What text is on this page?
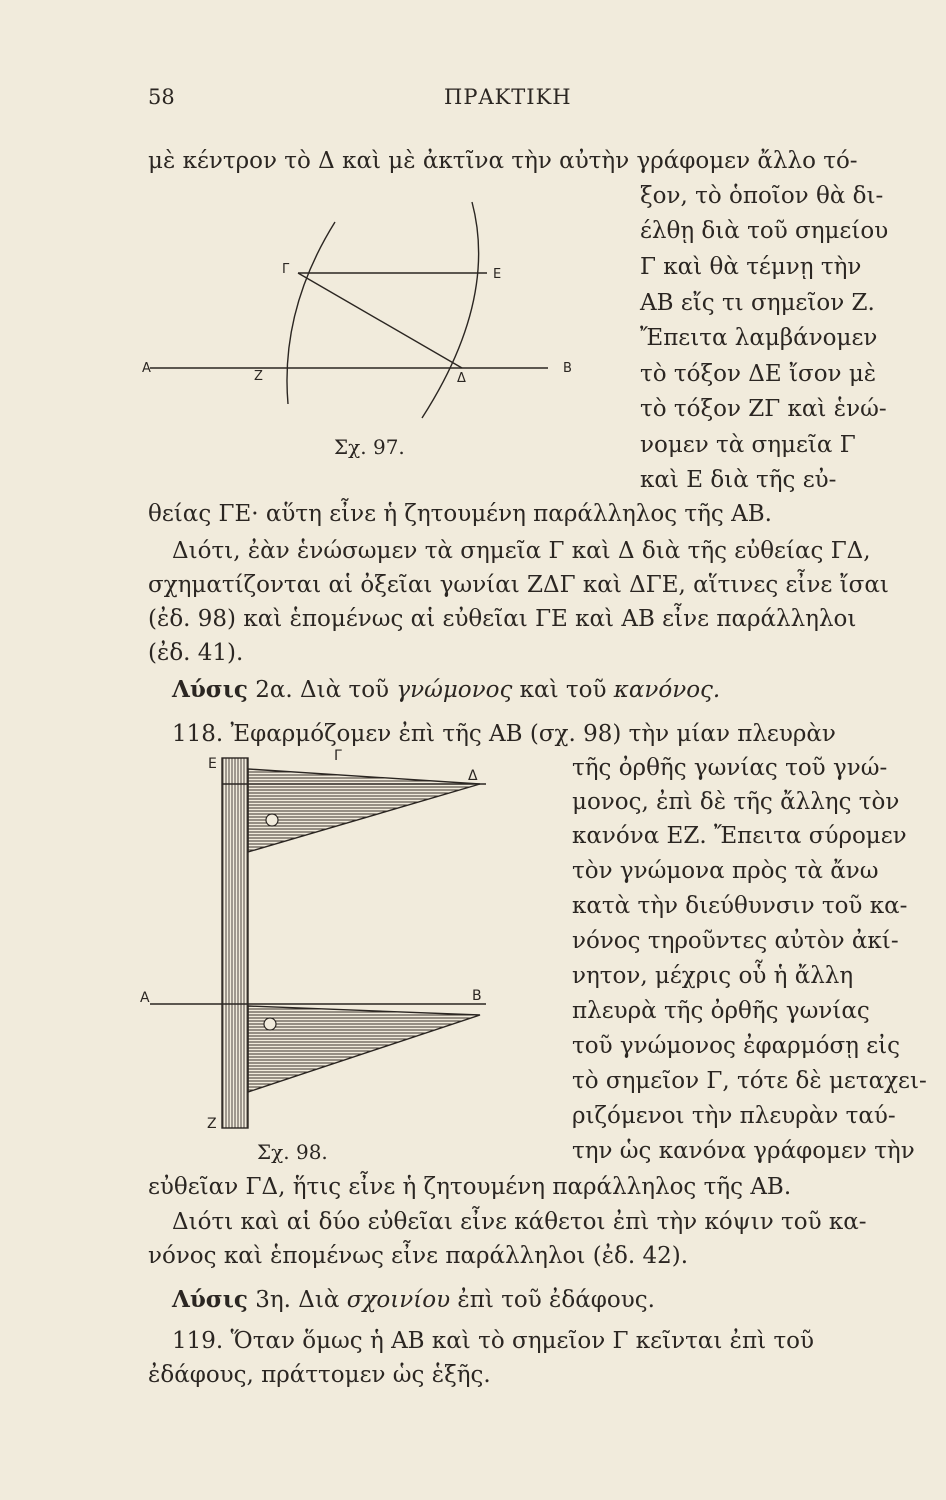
58	ΠΡΑΚΤΙΚΗ
μὲ κέντρον τὸ Δ καὶ μὲ ἀκτῖνα τὴν αὐτὴν γράφομεν ἄλλο τό-
Α	Β
Γ	Ε
Ζ	Δ
Σχ. 97.
ξον, τὸ ὁποῖον θὰ δι-
έλθῃ διὰ τοῦ σημείου
Γ καὶ θὰ τέμνῃ τὴν
ΑΒ εἴς τι σημεῖον Ζ.
Ἔπειτα λαμβάνομεν
τὸ τόξον ΔΕ ἴσον μὲ
τὸ τόξον ΖΓ καὶ ἑνώ-
νομεν τὰ σημεῖα Γ
καὶ Ε διὰ τῆς εὐ-
θείας ΓΕ· αὕτη εἶνε ἡ ζητουμένη παράλληλος τῆς ΑΒ.
Διότι, ἐὰν ἑνώσωμεν τὰ σημεῖα Γ καὶ Δ διὰ τῆς εὐθείας ΓΔ,
σχηματίζονται αἱ ὀξεῖαι γωνίαι ΖΔΓ καὶ ΔΓΕ, αἵτινες εἶνε ἴσαι
(ἐδ. 98) καὶ ἑπομένως αἱ εὐθεῖαι ΓΕ καὶ ΑΒ εἶνε παράλληλοι
(ἐδ. 41).
Λύσις 2α. Διὰ τοῦ γνώμονος καὶ τοῦ κανόνος.
118. Ἐφαρμόζομεν ἐπὶ τῆς ΑΒ (σχ. 98) τὴν μίαν πλευρὰν
τῆς ὀρθῆς γωνίας τοῦ γνώ-
μονος, ἐπὶ δὲ τῆς ἄλλης τὸν
κανόνα ΕΖ. Ἔπειτα σύρομεν
τὸν γνώμονα πρὸς τὰ ἄνω
κατὰ τὴν διεύθυνσιν τοῦ κα-
νόνος τηροῦντες αὐτὸν ἀκί-
νητον, μέχρις οὗ ἡ ἄλλη
πλευρὰ τῆς ὀρθῆς γωνίας
τοῦ γνώμονος ἐφαρμόσῃ εἰς
τὸ σημεῖον Γ, τότε δὲ μεταχει-
ριζόμενοι τὴν πλευρὰν ταύ-
την ὡς κανόνα γράφομεν τὴν
εὐθεῖαν ΓΔ, ἥτις εἶνε ἡ ζητουμένη παράλληλος τῆς ΑΒ.
Ε	Γ
Δ
Α	Β
Ζ
Σχ. 98.
Διότι καὶ αἱ δύο εὐθεῖαι εἶνε κάθετοι ἐπὶ τὴν κόψιν τοῦ κα-
νόνος καὶ ἑπομένως εἶνε παράλληλοι (ἐδ. 42).
Λύσις 3η. Διὰ σχοινίου ἐπὶ τοῦ ἐδάφους.
119. Ὅταν ὅμως ἡ ΑΒ καὶ τὸ σημεῖον Γ κεῖνται ἐπὶ τοῦ
ἐδάφους, πράττομεν ὡς ἑξῆς.
